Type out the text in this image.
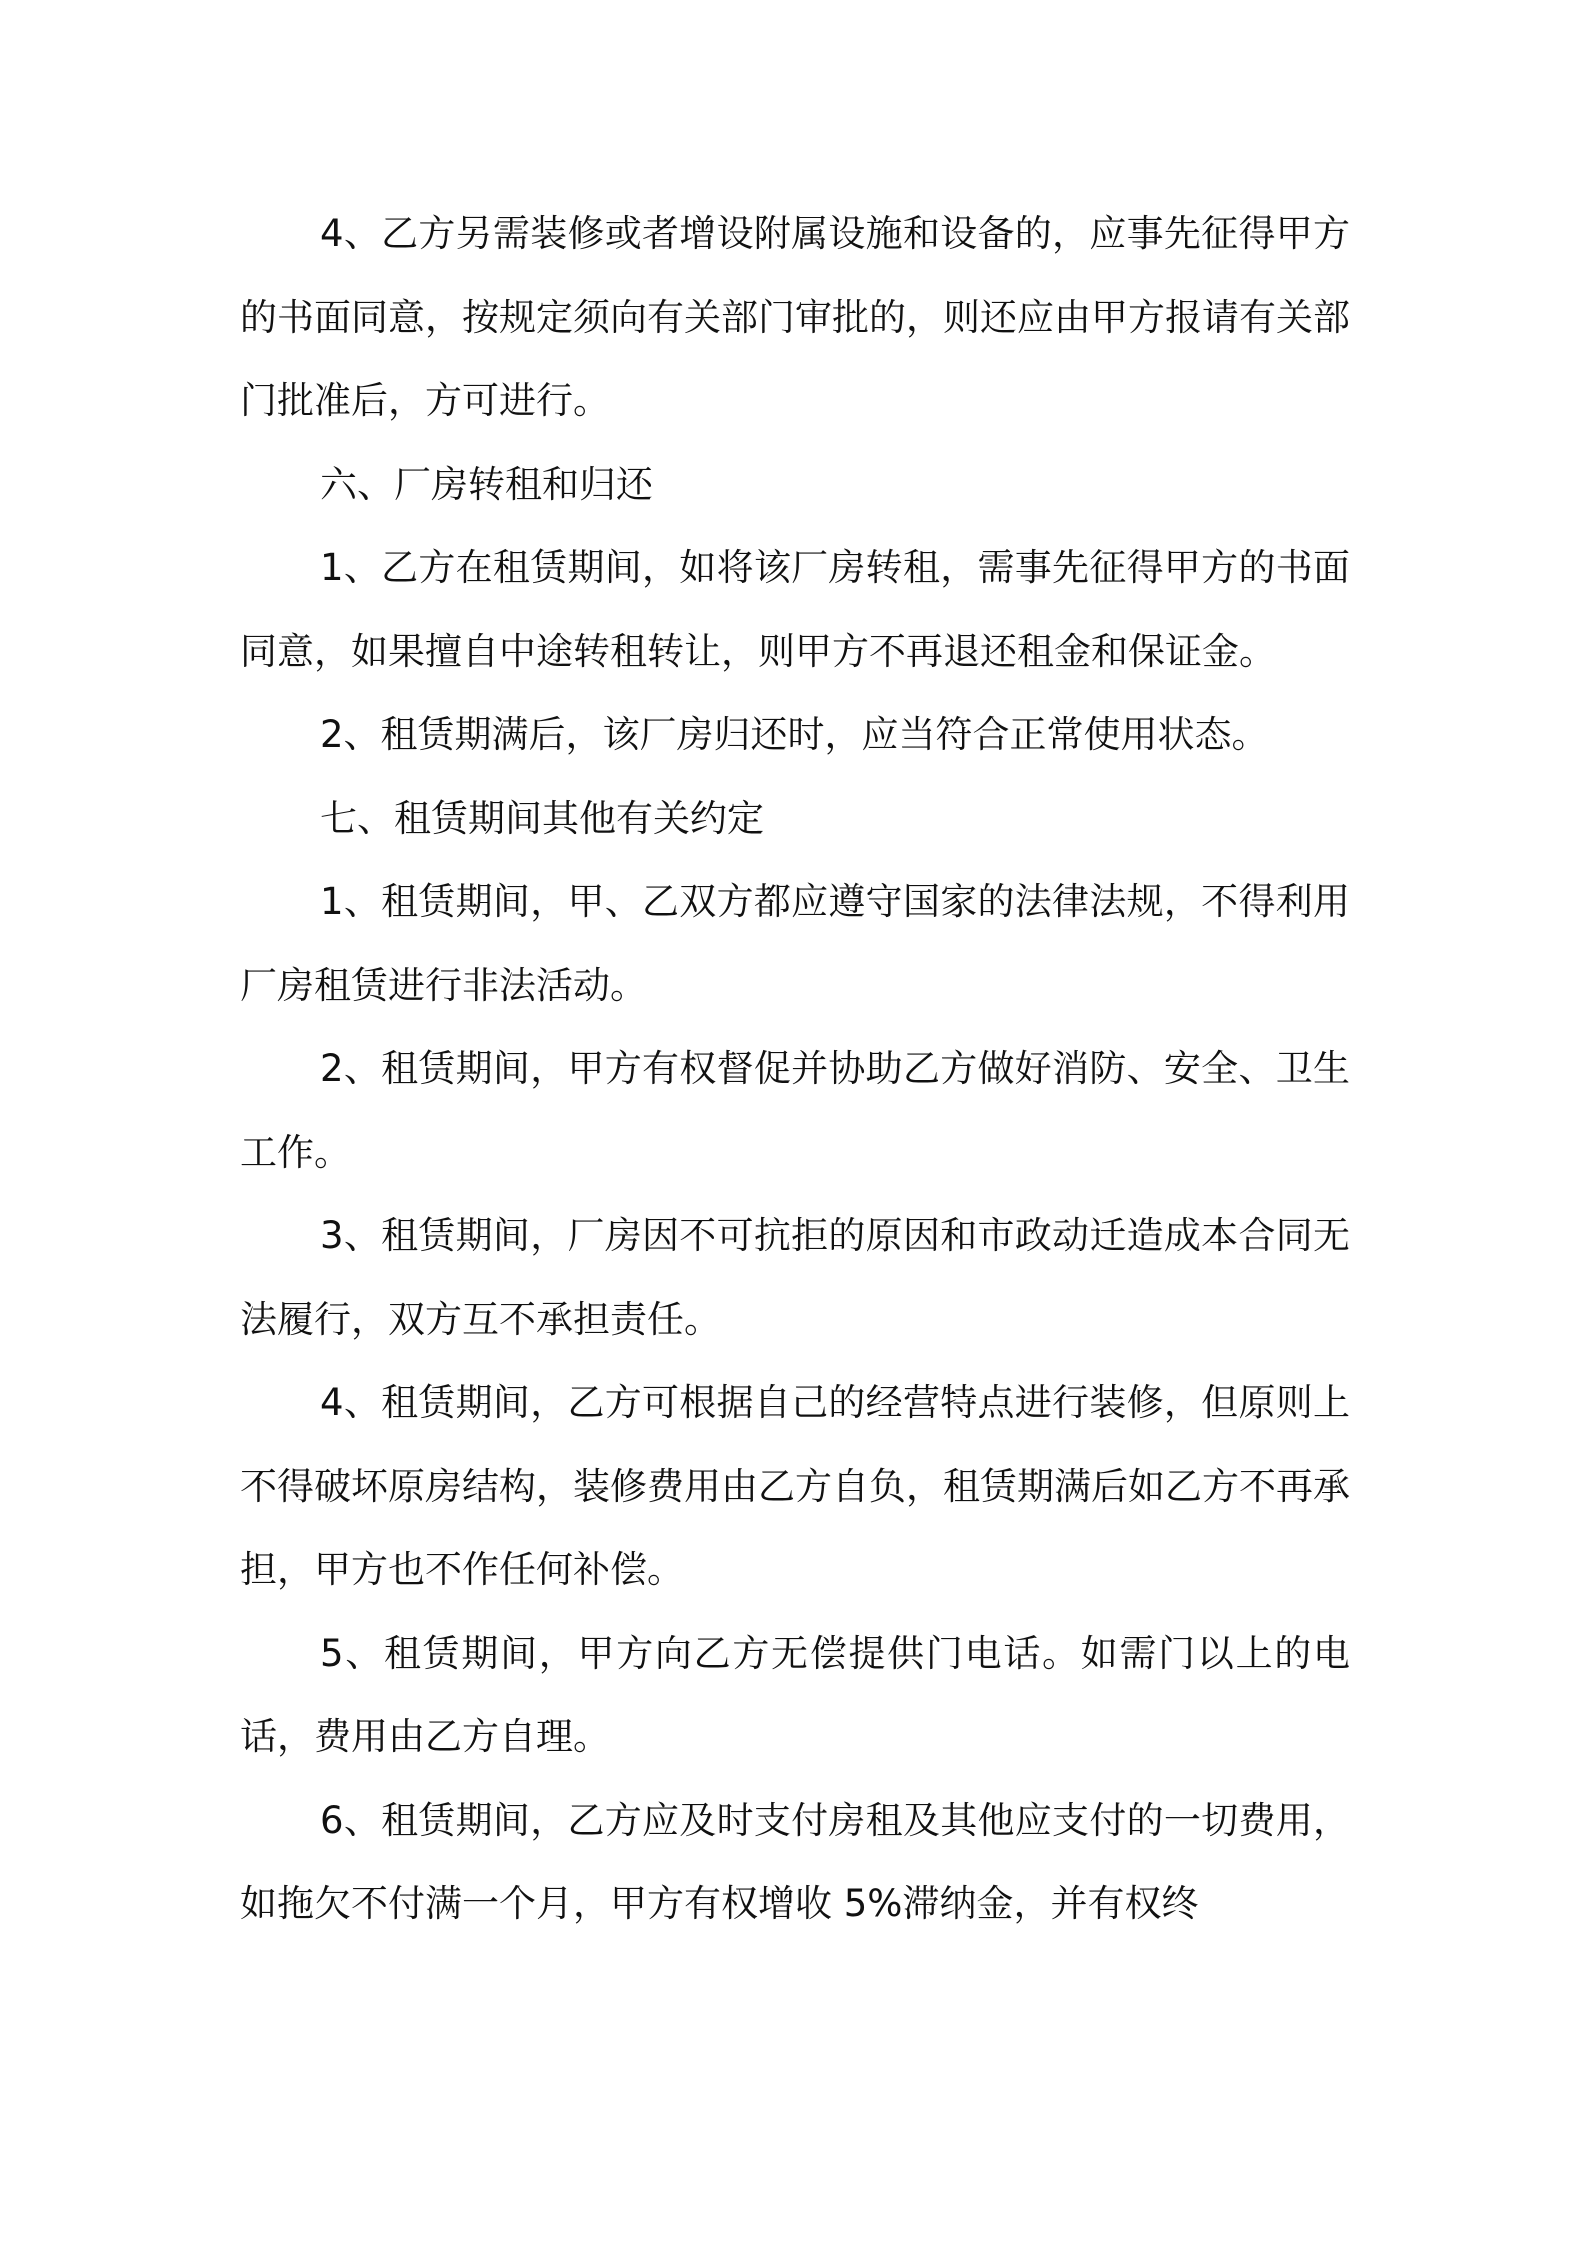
4、乙方另需装修或者增设附属设施和设备的，应事先征得甲方的书面同意，按规定须向有关部门审批的，则还应由甲方报请有关部门批准后，方可进行。

六、厂房转租和归还

1、乙方在租赁期间，如将该厂房转租，需事先征得甲方的书面同意，如果擅自中途转租转让，则甲方不再退还租金和保证金。

2、租赁期满后，该厂房归还时，应当符合正常使用状态。

七、租赁期间其他有关约定

1、租赁期间，甲、乙双方都应遵守国家的法律法规，不得利用厂房租赁进行非法活动。

2、租赁期间，甲方有权督促并协助乙方做好消防、安全、卫生工作。

3、租赁期间，厂房因不可抗拒的原因和市政动迁造成本合同无法履行，双方互不承担责任。

4、租赁期间，乙方可根据自己的经营特点进行装修，但原则上不得破坏原房结构，装修费用由乙方自负，租赁期满后如乙方不再承担，甲方也不作任何补偿。

5、租赁期间，甲方向乙方无偿提供门电话。如需门以上的电话，费用由乙方自理。

6、租赁期间，乙方应及时支付房租及其他应支付的一切费用，如拖欠不付满一个月，甲方有权增收 5%滞纳金，并有权终
